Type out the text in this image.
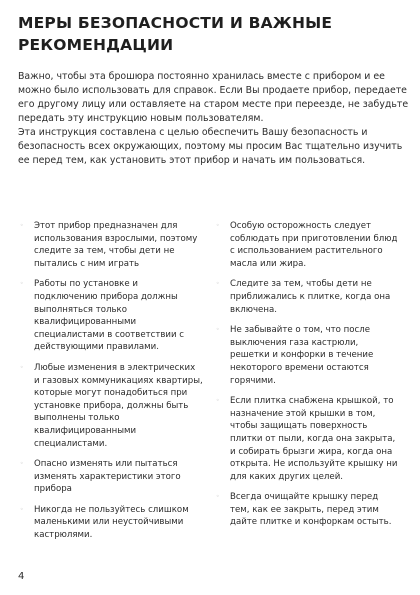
МЕРЫ БЕЗОПАСНОСТИ И ВАЖНЫЕ РЕКОМЕНДАЦИИ

Важно, чтобы эта брошюра постоянно хранилась вместе с прибором и ее можно было использовать для справок. Если Вы продаете прибор, передаете его другому лицу или оставляете на старом месте при переезде, не забудьте передать эту инструкцию новым пользователям.

Эта инструкция составлена с целью обеспечить Вашу безопасность и безопасность всех окружающих, поэтому мы просим Вас тщательно изучить ее перед тем, как установить этот прибор и начать им пользоваться.

◦ Этот прибор предназначен для использования взрослыми, поэтому следите за тем, чтобы дети не пытались с ним играть
◦ Работы по установке и подключению прибора должны выполняться только квалифицированными специалистами в соответствии с действующими правилами.
◦ Любые изменения в электрических и газовых коммуникациях квартиры, которые могут понадобиться при установке прибора, должны быть выполнены только квалифицированными специалистами.
◦ Опасно изменять или пытаться изменять характеристики этого прибора
◦ Никогда не пользуйтесь слишком маленькими или неустойчивыми кастрюлями.
◦ Особую осторожность следует соблюдать при приготовлении блюд с использованием растительного масла или жира.
◦ Следите за тем, чтобы дети не приближались к плитке, когда она включена.
◦ Не забывайте о том, что после выключения газа кастрюли, решетки и конфорки в течение некоторого времени остаются горячими.
◦ Если плитка снабжена крышкой, то назначение этой крышки в том, чтобы защищать поверхность плитки от пыли, когда она закрыта, и собирать брызги жира, когда она открыта. Не используйте крышку ни для каких других целей.
◦ Всегда очищайте крышку перед тем, как ее закрыть, перед этим дайте плитке и конфоркам остыть.
4
